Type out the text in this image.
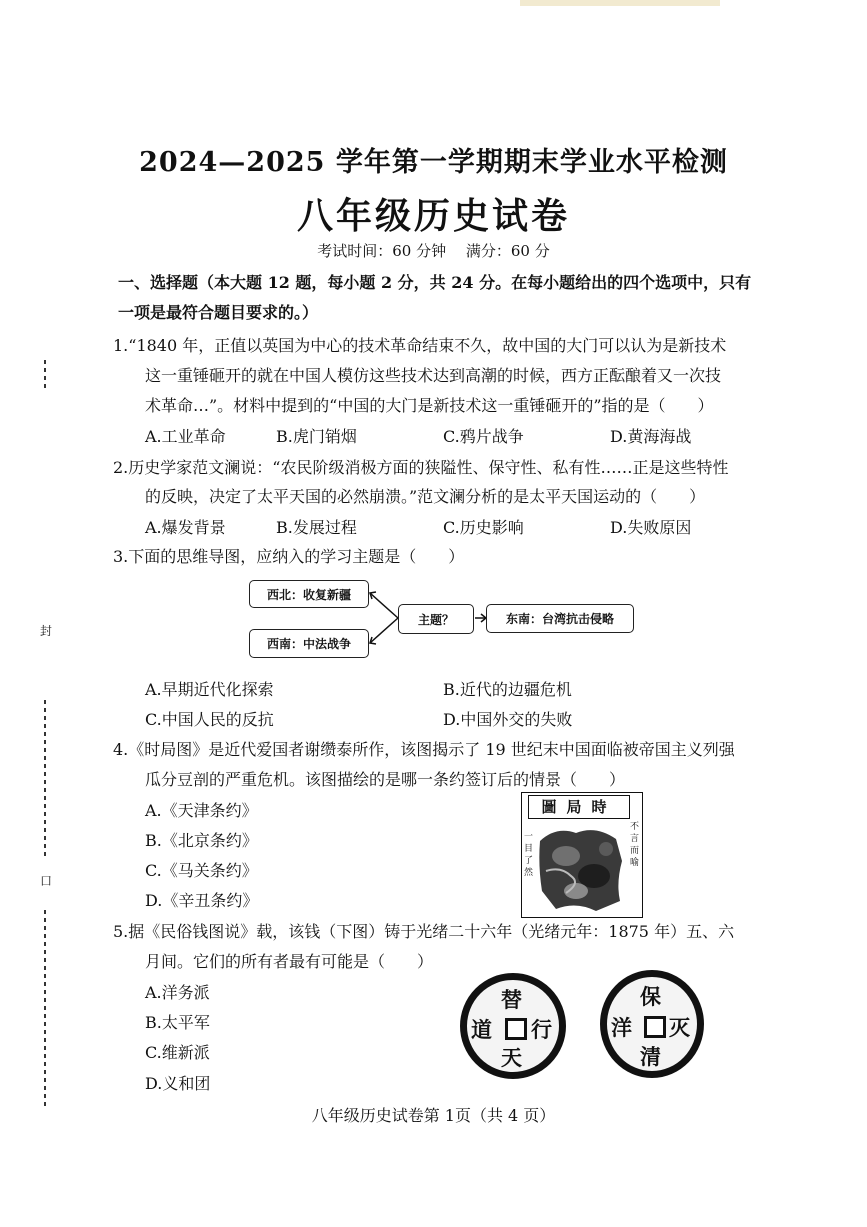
封
口
2024—2025 学年第一学期期末学业水平检测
八年级历史试卷
考试时间：60 分钟　 满分：60 分
一、选择题（本大题 12 题，每小题 2 分，共 24 分。在每小题给出的四个选项中，只有
一项是最符合题目要求的。）
1.“1840 年，正值以英国为中心的技术革命结束不久，故中国的大门可以认为是新技术
这一重锤砸开的就在中国人模仿这些技术达到高潮的时候，西方正酝酿着又一次技
术革命…”。材料中提到的“中国的大门是新技术这一重锤砸开的”指的是（　　）
A.工业革命	B.虎门销烟	C.鸦片战争	D.黄海海战
2.历史学家范文澜说：“农民阶级消极方面的狭隘性、保守性、私有性……正是这些特性
的反映，决定了太平天国的必然崩溃。”范文澜分析的是太平天国运动的（　　）
A.爆发背景	B.发展过程	C.历史影响	D.失败原因
3.下面的思维导图，应纳入的学习主题是（　　）
西北：收复新疆
西南：中法战争
主题？	东南：台湾抗击侵略
A.早期近代化探索	B.近代的边疆危机
C.中国人民的反抗	D.中国外交的失败
4.《时局图》是近代爱国者谢缵泰所作，该图揭示了 19 世纪末中国面临被帝国主义列强
瓜分豆剖的严重危机。该图描绘的是哪一条约签订后的情景（　　）
A.《天津条约》
B.《北京条约》
C.《马关条约》
D.《辛丑条约》
圖局時
一目了然
不言而喻
5.据《民俗钱图说》载，该钱（下图）铸于光绪二十六年（光绪元年：1875 年）五、六
月间。它们的所有者最有可能是（　　）
A.洋务派
B.太平军
C.维新派
D.义和团
替
道 行
天
保
洋 灭
清
八年级历史试卷第 1页（共 4 页）
